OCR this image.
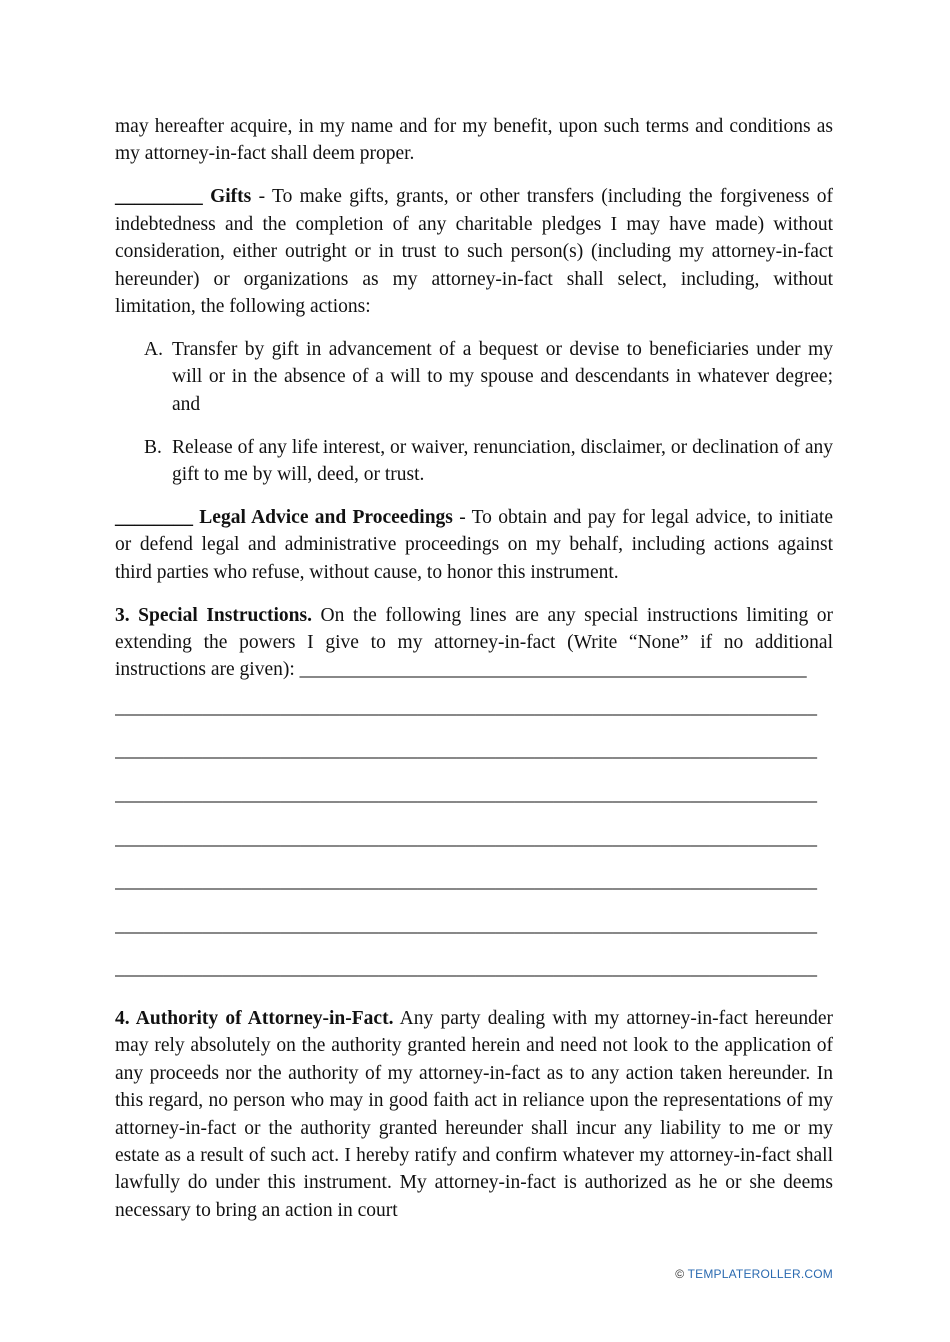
may hereafter acquire, in my name and for my benefit, upon such terms and conditions as my attorney-in-fact shall deem proper.

_________ Gifts - To make gifts, grants, or other transfers (including the forgiveness of indebtedness and the completion of any charitable pledges I may have made) without consideration, either outright or in trust to such person(s) (including my attorney-in-fact hereunder) or organizations as my attorney-in-fact shall select, including, without limitation, the following actions:

A. Transfer by gift in advancement of a bequest or devise to beneficiaries under my will or in the absence of a will to my spouse and descendants in whatever degree; and
B. Release of any life interest, or waiver, renunciation, disclaimer, or declination of any gift to me by will, deed, or trust.

________ Legal Advice and Proceedings - To obtain and pay for legal advice, to initiate or defend legal and administrative proceedings on my behalf, including actions against third parties who refuse, without cause, to honor this instrument.

3. Special Instructions. On the following lines are any special instructions limiting or extending the powers I give to my attorney-in-fact (Write “None” if no additional instructions are given): ____________________________________________________

________________________________________________________________________
________________________________________________________________________
________________________________________________________________________
________________________________________________________________________
________________________________________________________________________
________________________________________________________________________
________________________________________________________________________

4. Authority of Attorney-in-Fact. Any party dealing with my attorney-in-fact hereunder may rely absolutely on the authority granted herein and need not look to the application of any proceeds nor the authority of my attorney-in-fact as to any action taken hereunder. In this regard, no person who may in good faith act in reliance upon the representations of my attorney-in-fact or the authority granted hereunder shall incur any liability to me or my estate as a result of such act. I hereby ratify and confirm whatever my attorney-in-fact shall lawfully do under this instrument. My attorney-in-fact is authorized as he or she deems necessary to bring an action in court

© TEMPLATEROLLER.COM
